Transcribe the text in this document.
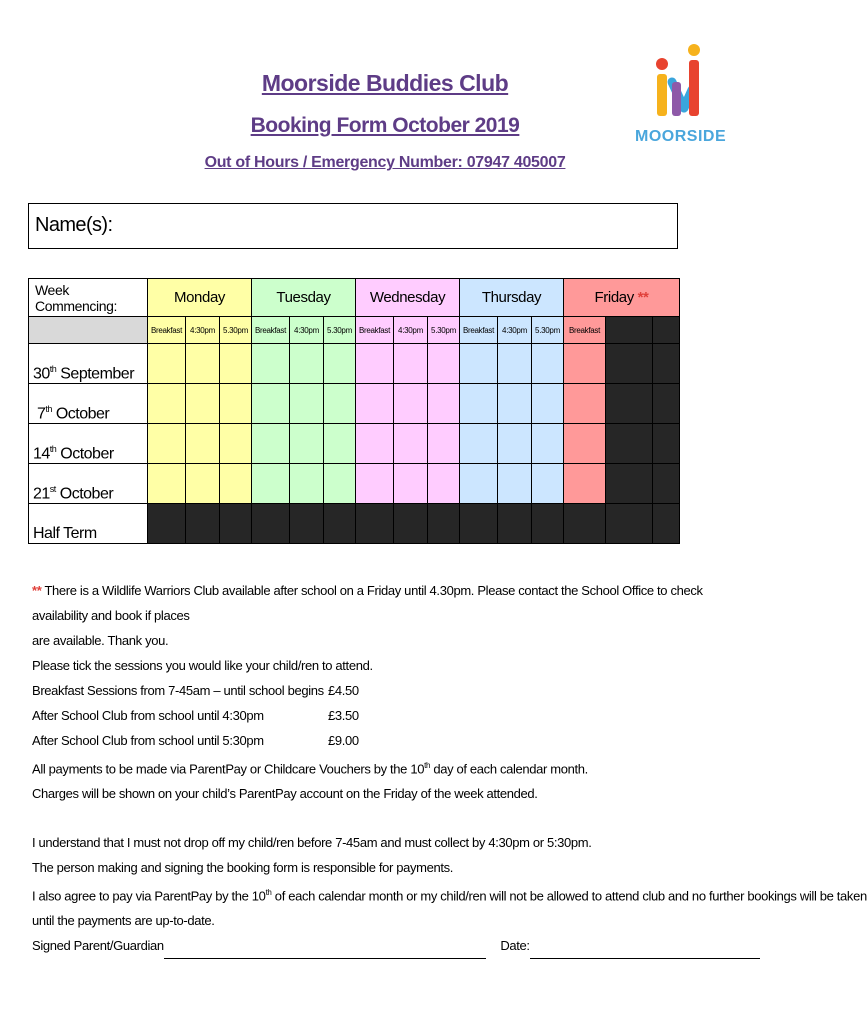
Moorside Buddies Club
Booking Form October 2019
Out of Hours / Emergency Number: 07947 405007
MOORSIDE
Name(s):
Week Commencing:	Monday			Tuesday			Wednesday			Thursday			Friday **		
	Breakfast	4:30pm	5.30pm	Breakfast	4:30pm	5.30pm	Breakfast	4:30pm	5.30pm	Breakfast	4:30pm	5.30pm	Breakfast		
30th September															
7th October															
14th October															
21st October															
Half Term															
** There is a Wildlife Warriors Club available after school on a Friday until 4.30pm. Please contact the School Office to check availability and book if places
are available. Thank you.
Please tick the sessions you would like your child/ren to attend.
Breakfast Sessions from 7-45am – until school begins £4.50
After School Club from school until 4:30pm	£3.50
After School Club from school until 5:30pm	£9.00
All payments to be made via ParentPay or Childcare Vouchers by the 10th day of each calendar month.
Charges will be shown on your child’s ParentPay account on the Friday of the week attended.
I understand that I must not drop off my child/ren before 7-45am and must collect by 4:30pm or 5:30pm.
The person making and signing the booking form is responsible for payments.
I also agree to pay via ParentPay by the 10th of each calendar month or my child/ren will not be allowed to attend club and no further bookings will be taken
until the payments are up-to-date.
Signed Parent/Guardian	Date:
